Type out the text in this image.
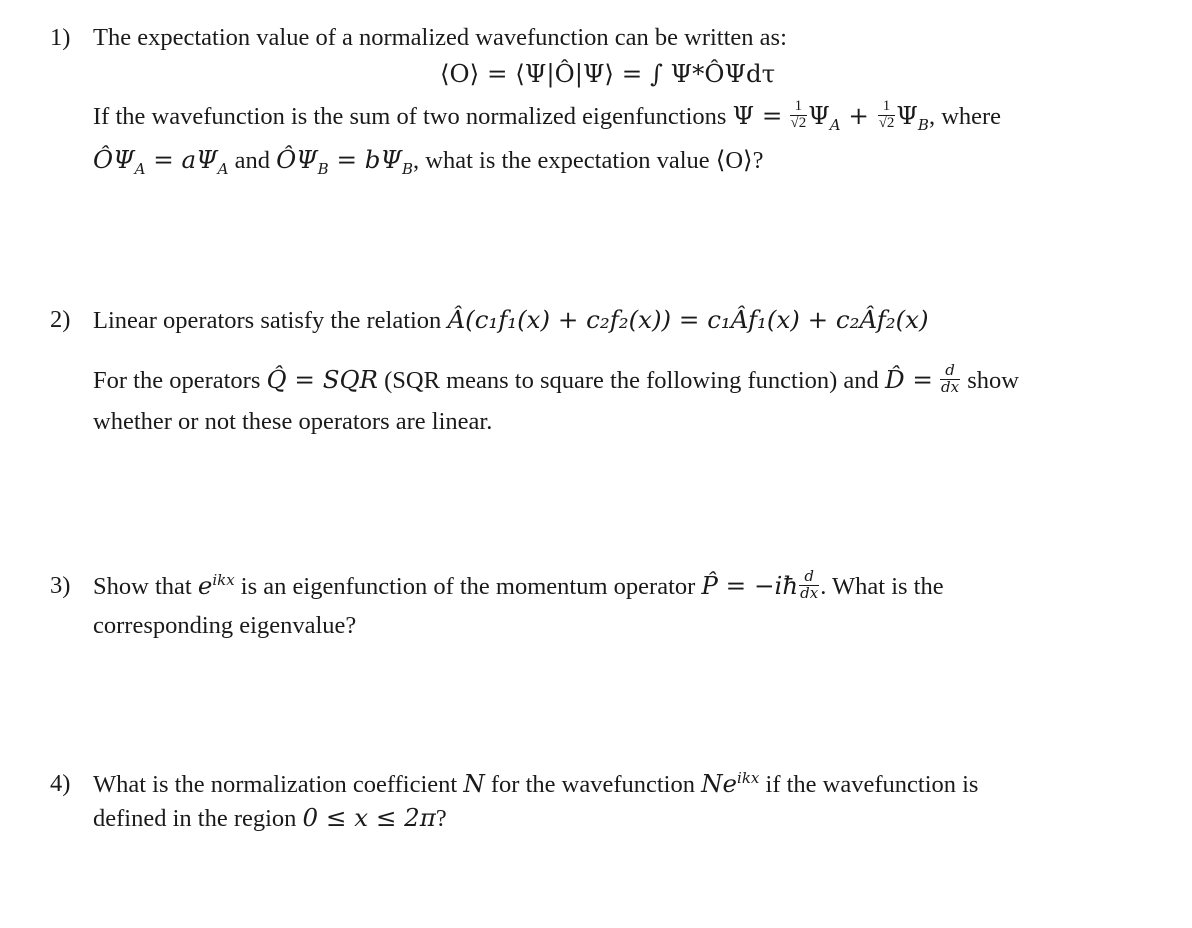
1) The expectation value of a normalized wavefunction can be written as:
⟨O⟩ = ⟨Ψ|Ô|Ψ⟩ = ∫ Ψ*ÔΨdτ
If the wavefunction is the sum of two normalized eigenfunctions $\Psi = \frac{1}{√2} \Psi_A + \frac{1}{√2} \Psi_B$, where
$Ô\Psi_A = a\Psi_A$ and $Ô\Psi_B = b\Psi_B$, what is the expectation value ⟨O⟩?
2) Linear operators satisfy the relation Â(c₁f₁(x) + c₂f₂(x)) = c₁Âf₁(x) + c₂Âf₂(x)
For the operators Q̂ = SQR (SQR means to square the following function) and D̂ = $\frac{d}{dx}$ show
whether or not these operators are linear.
3) Show that $e^{ikx}$ is an eigenfunction of the momentum operator P̂ = −iħ $\frac{d}{dx}$ . What is the
corresponding eigenvalue?
4) What is the normalization coefficient N for the wavefunction $Ne^{ikx}$ if the wavefunction is
defined in the region 0 ≤ x ≤ 2π?
